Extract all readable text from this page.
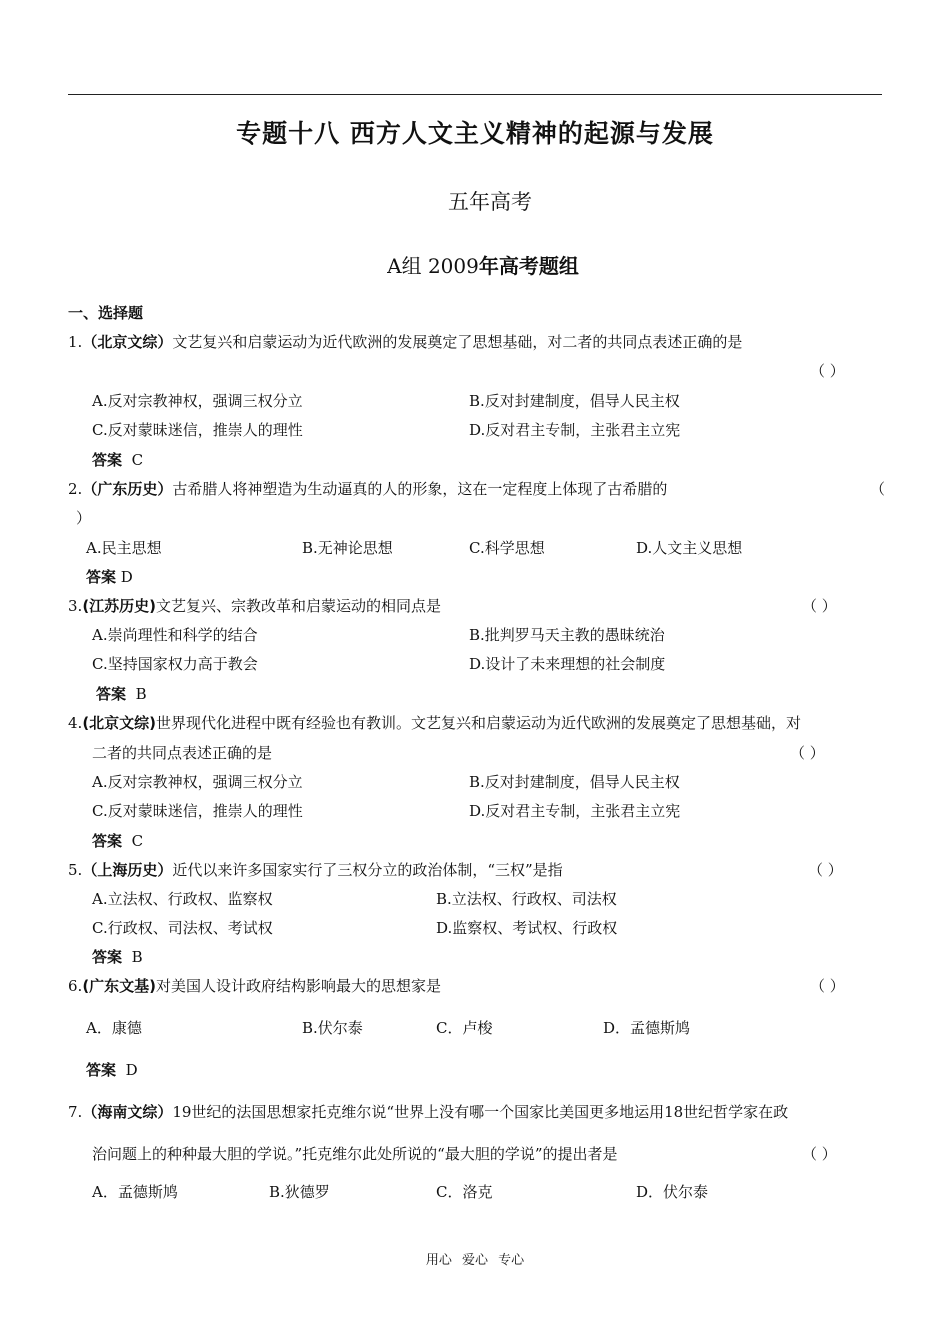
专题十八 西方人文主义精神的起源与发展
五年高考
A组 2009年高考题组
一、选择题
1.（北京文综）文艺复兴和启蒙运动为近代欧洲的发展奠定了思想基础，对二者的共同点表述正确的是
（ ）
A.反对宗教神权，强调三权分立	B.反对封建制度，倡导人民主权
C.反对蒙昧迷信，推崇人的理性	D.反对君主专制，主张君主立宪
答案 C
2.（广东历史）古希腊人将神塑造为生动逼真的人的形象，这在一定程度上体现了古希腊的	（
）
A.民主思想	B.无神论思想	C.科学思想	D.人文主义思想
答案 D
3.(江苏历史)文艺复兴、宗教改革和启蒙运动的相同点是	（ ）
A.崇尚理性和科学的结合	B.批判罗马天主教的愚昧统治
C.坚持国家权力高于教会	D.设计了未来理想的社会制度
答案 B
4.(北京文综)世界现代化进程中既有经验也有教训。文艺复兴和启蒙运动为近代欧洲的发展奠定了思想基础，对
二者的共同点表述正确的是	（ ）
A.反对宗教神权，强调三权分立	B.反对封建制度，倡导人民主权
C.反对蒙昧迷信，推崇人的理性	D.反对君主专制，主张君主立宪
答案 C
5.（上海历史）近代以来许多国家实行了三权分立的政治体制，“三权”是指	（ ）
A.立法权、行政权、监察权	B.立法权、行政权、司法权
C.行政权、司法权、考试权	D.监察权、考试权、行政权
答案 B
6.(广东文基)对美国人设计政府结构影响最大的思想家是	（ ）
A．康德	B.伏尔泰	C．卢梭	D．孟德斯鸠
答案 D
7.（海南文综）19世纪的法国思想家托克维尔说“世界上没有哪一个国家比美国更多地运用18世纪哲学家在政
治问题上的种种最大胆的学说。”托克维尔此处所说的“最大胆的学说”的提出者是	（ ）
A．孟德斯鸠	B.狄德罗	C．洛克	D．伏尔泰
用心 爱心 专心
